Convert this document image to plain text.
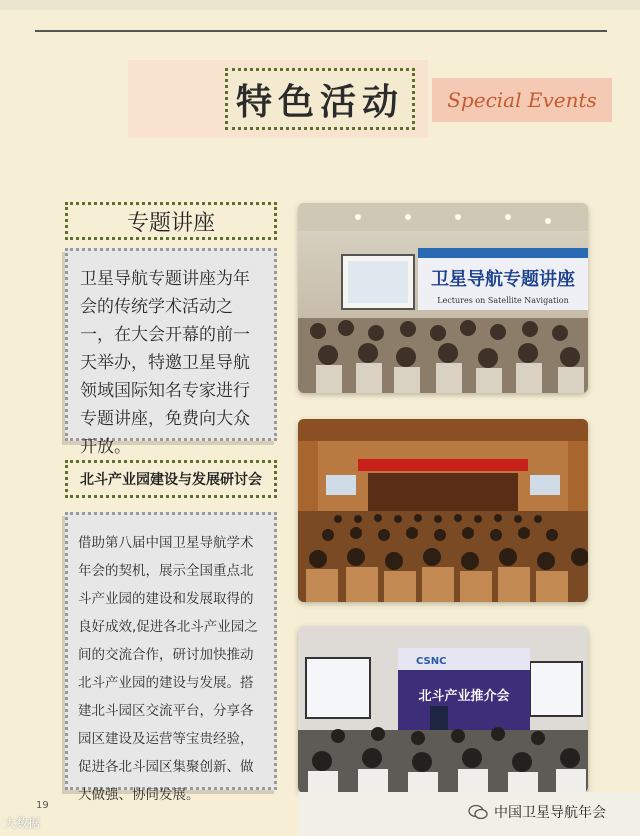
特色活动	Special Events
专题讲座
卫星导航专题讲座为年会的传统学术活动之一，在大会开幕的前一天举办，特邀卫星导航领域国际知名专家进行专题讲座，免费向大众开放。
北斗产业园建设与发展研讨会
借助第八届中国卫星导航学术年会的契机，展示全国重点北斗产业园的建设和发展取得的良好成效,促进各北斗产业园之间的交流合作，研讨加快推动北斗产业园的建设与发展。搭建北斗园区交流平台，分享各园区建设及运营等宝贵经验，促进各北斗园区集聚创新、做大做强、协同发展。
卫星导航专题讲座
Lectures on Satellite Navigation
CSNC
北斗产业推介会
19	中国卫星导航年会
大数据
